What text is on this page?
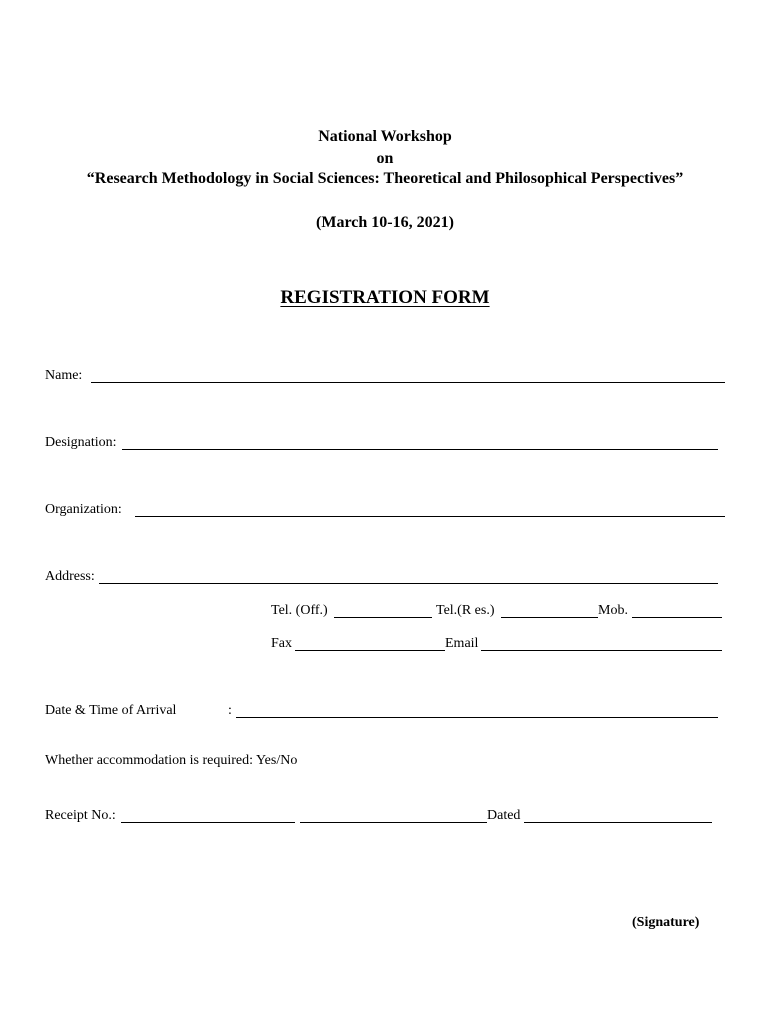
National Workshop
on
“Research Methodology in Social Sciences: Theoretical and Philosophical Perspectives”
(March 10-16, 2021)
REGISTRATION FORM
Name:
Designation:
Organization:
Address:
Tel. (Off.)	Tel.(R es.)	Mob.
Fax	Email
Date & Time of Arrival	:
Whether accommodation is required: Yes/No
Receipt No.:	Dated
(Signature)
